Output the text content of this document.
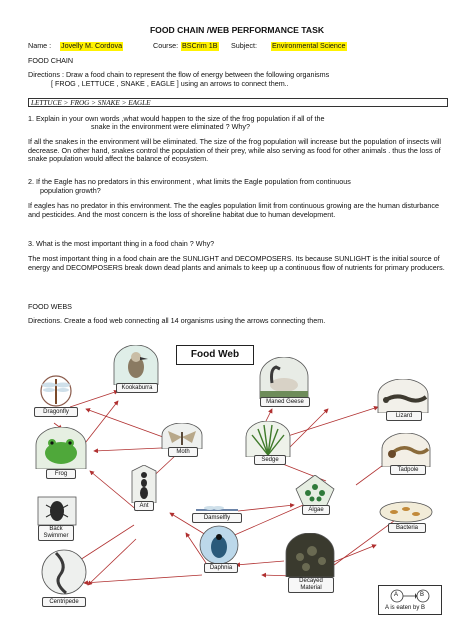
FOOD CHAIN /WEB PERFORMANCE TASK
Name : Jovelly M. Cordova	Course: BSCrim 1B Subject: Environmental Science
FOOD CHAIN
Directions : Draw a food chain to represent the flow of energy between the following organisms
[ FROG , LETTUCE , SNAKE , EAGLE ] using an arrows to connect them..
LETTUCE > FROG > SNAKE > EAGLE
1. Explain in your own words ,what would happen to the size of the frog population if all of the
snake in the environment were eliminated ? Why?
If all the snakes in the environment will be eliminated. The size of the frog population will increase but the population of insects will decrease. On other hand, snakes control the population of their prey, while also serving as food for other animals . thus the loss of snake population would affect the balance of ecosystem.
2. If the Eagle has no predators in this environment , what limits the Eagle population from continuous
population growth?
If eagles has no predator in this environment. The the eagles population limit from continuous growing are the human disturbance and pesticides. And the most concern is the loss of shoreline habitat due to human development.
3. What is the most important thing in a food chain ? Why?
The most important thing in a food chain are the SUNLIGHT and DECOMPOSERS. Its because SUNLIGHT is the initial source of energy and DECOMPOSERS break down dead plants and animals to keep up a continuous flow of nutrients for primary producers.
FOOD WEBS
Directions. Create a food web connecting all 14 organisms using the arrows connecting them.
Food Web
Kookaburra
Dragonfly
Maned Geese
Lizard
Moth
Frog
Sedge
Tadpole
Ant
Algae
Back Swimmer
Damselfly
Bacteria
Daphnia
Decayed Material
Centripede
A	B
A is eaten by B
